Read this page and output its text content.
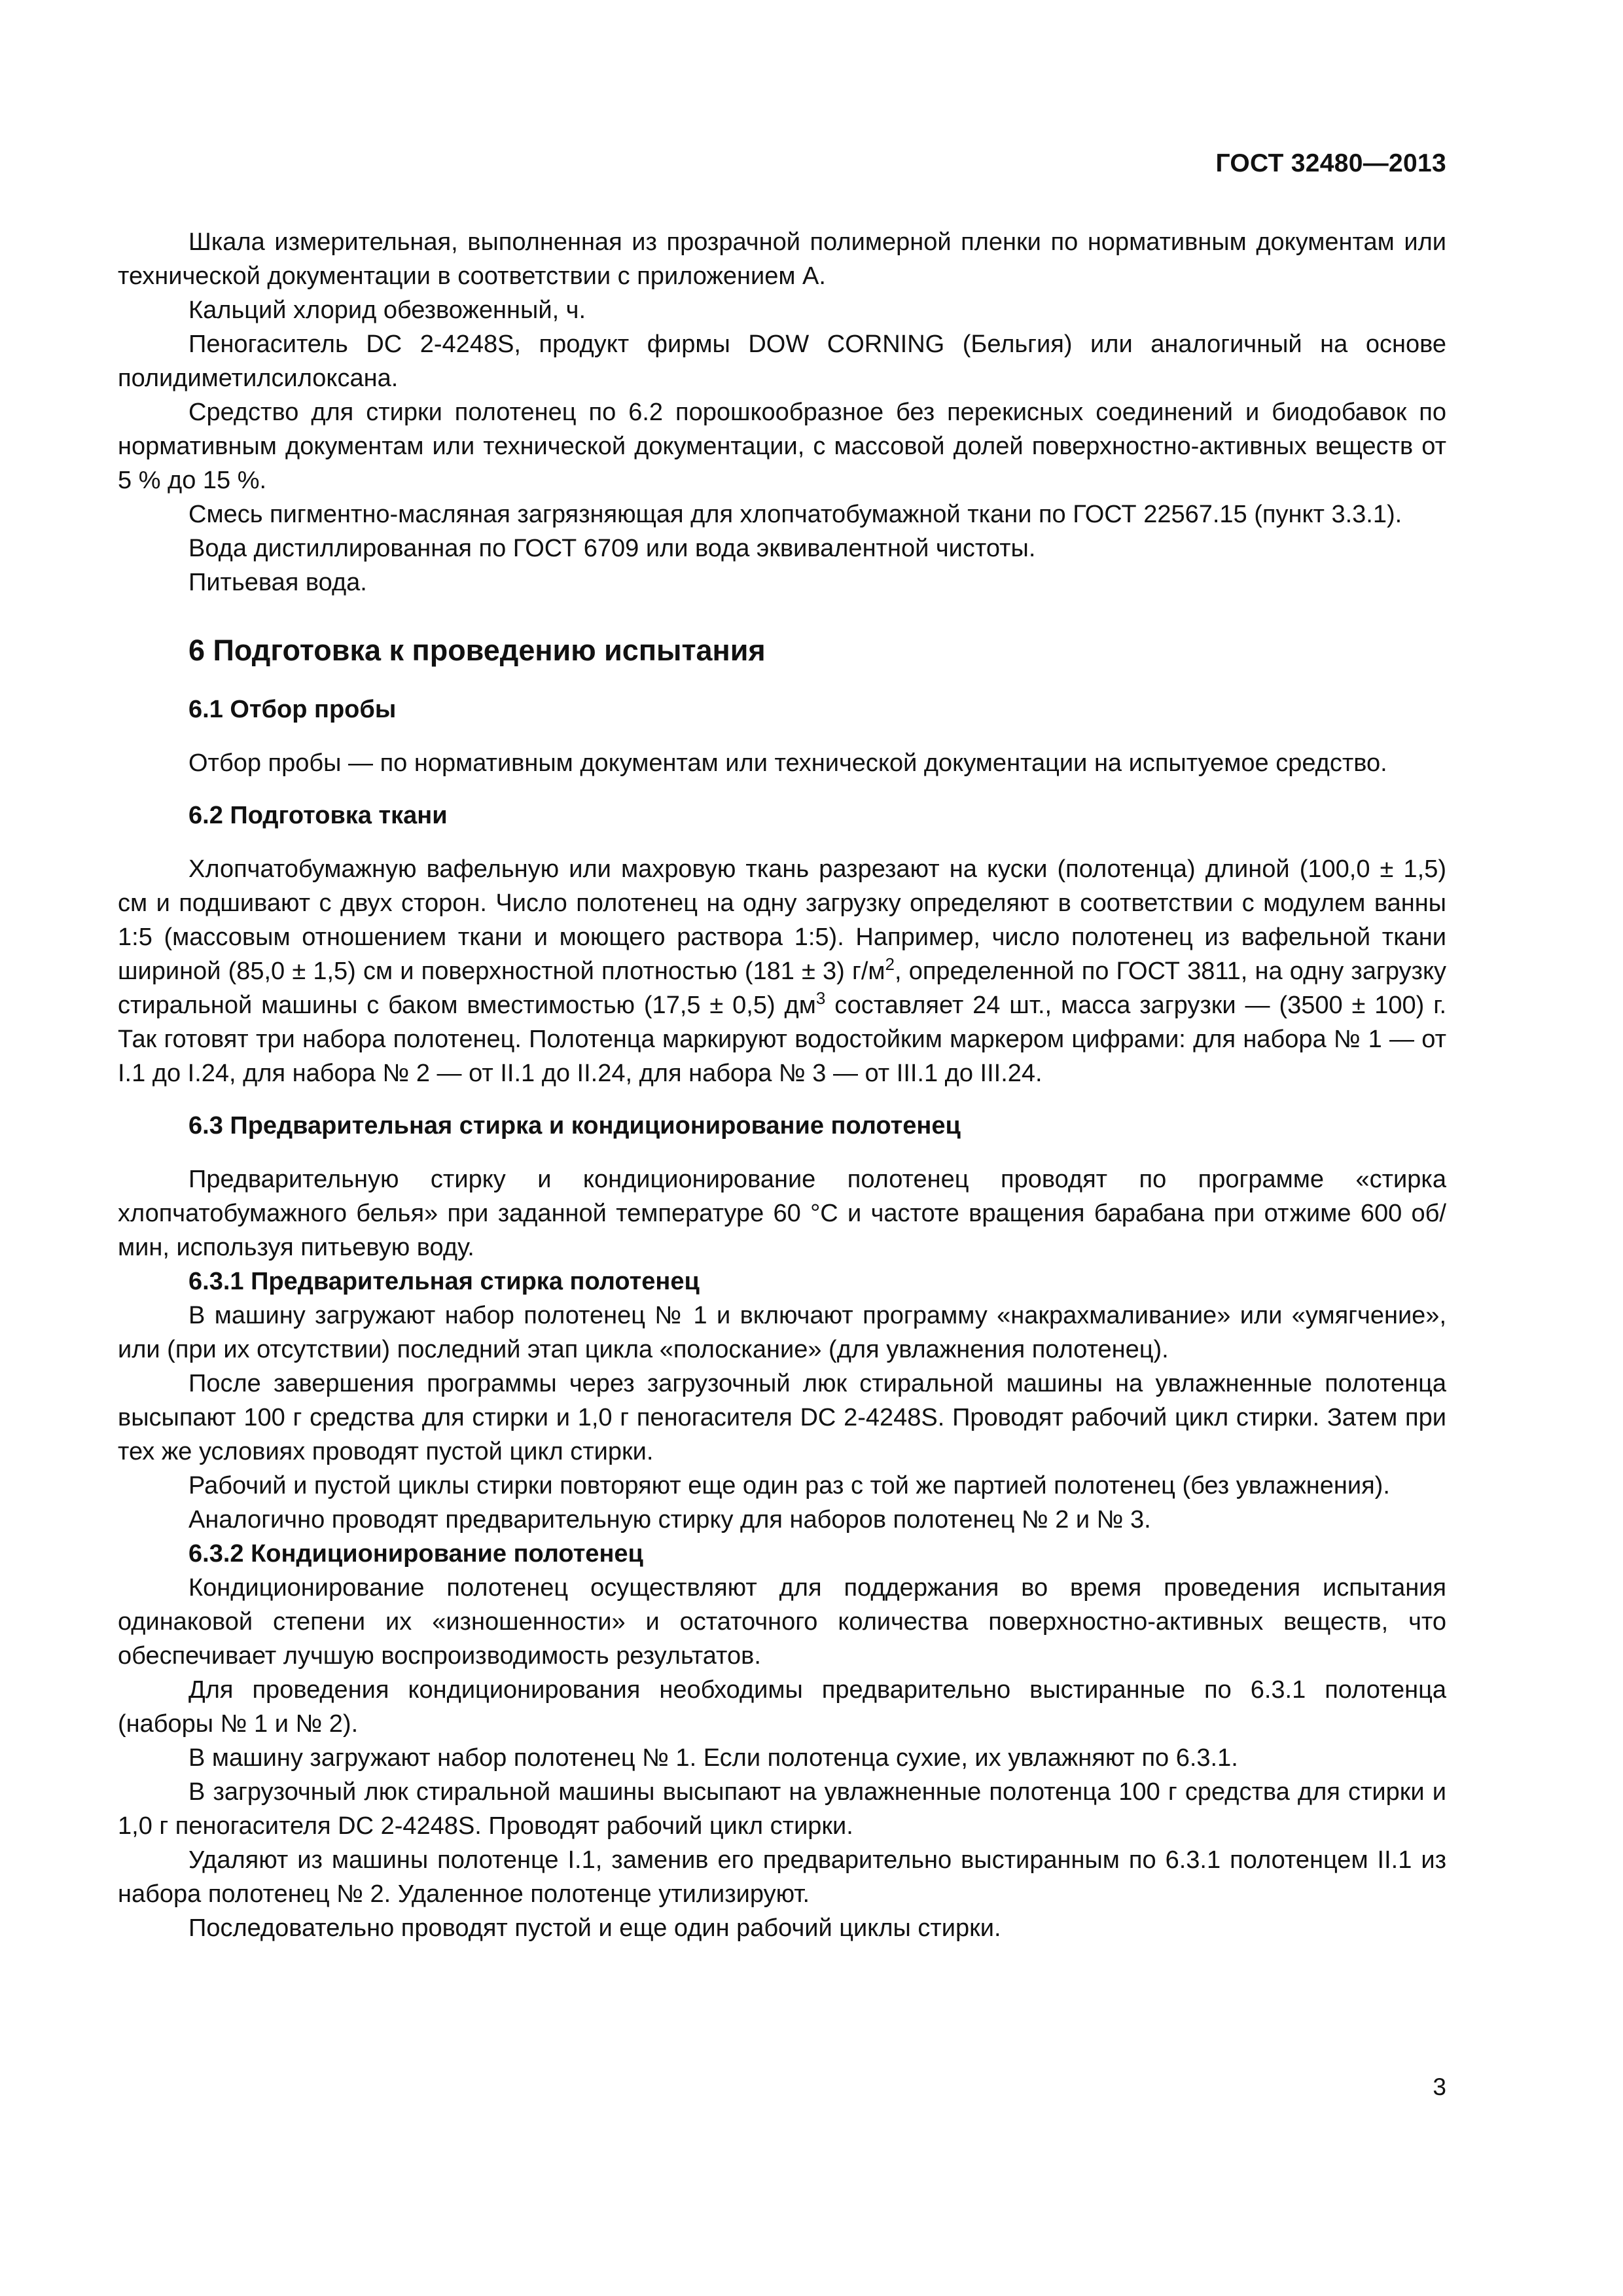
ГОСТ 32480—2013

Шкала измерительная, выполненная из прозрачной полимерной пленки по нормативным документам или технической документации в соответствии с приложением А.

Кальций хлорид обезвоженный, ч.

Пеногаситель DC 2-4248S, продукт фирмы DOW CORNING (Бельгия) или аналогичный на основе полидиметилсилоксана.

Средство для стирки полотенец по 6.2 порошкообразное без перекисных соединений и биодобавок по нормативным документам или технической документации, с массовой долей поверхностно-активных веществ от 5 % до 15 %.

Смесь пигментно-масляная загрязняющая для хлопчатобумажной ткани по ГОСТ 22567.15 (пункт 3.3.1).

Вода дистиллированная по ГОСТ 6709 или вода эквивалентной чистоты.

Питьевая вода.

6 Подготовка к проведению испытания
6.1 Отбор пробы

Отбор пробы — по нормативным документам или технической документации на испытуемое средство.

6.2 Подготовка ткани

Хлопчатобумажную вафельную или махровую ткань разрезают на куски (полотенца) длиной (100,0 ± 1,5) см и подшивают с двух сторон. Число полотенец на одну загрузку определяют в соответствии с модулем ванны 1:5 (массовым отношением ткани и моющего раствора 1:5). Например, число полотенец из вафельной ткани шириной (85,0 ± 1,5) см и поверхностной плотностью (181 ± 3) $г/м^2$, определенной по ГОСТ 3811, на одну загрузку стиральной машины с баком вместимостью (17,5 ± 0,5) $дм^3$ составляет 24 шт., масса загрузки — (3500 ± 100) г. Так готовят три набора полотенец. Полотенца маркируют водостойким маркером цифрами: для набора № 1 — от I.1 до I.24, для набора № 2 — от II.1 до II.24, для набора № 3 — от III.1 до III.24.

6.3 Предварительная стирка и кондиционирование полотенец

Предварительную стирку и кондиционирование полотенец проводят по программе «стирка хлопчатобумажного белья» при заданной температуре 60 °С и частоте вращения барабана при отжиме 600 об/мин, используя питьевую воду.

6.3.1 Предварительная стирка полотенец

В машину загружают набор полотенец № 1 и включают программу «накрахмаливание» или «умягчение», или (при их отсутствии) последний этап цикла «полоскание» (для увлажнения полотенец).

После завершения программы через загрузочный люк стиральной машины на увлажненные полотенца высыпают 100 г средства для стирки и 1,0 г пеногасителя DC 2-4248S. Проводят рабочий цикл стирки. Затем при тех же условиях проводят пустой цикл стирки.

Рабочий и пустой циклы стирки повторяют еще один раз с той же партией полотенец (без увлажнения).

Аналогично проводят предварительную стирку для наборов полотенец № 2 и № 3.

6.3.2 Кондиционирование полотенец

Кондиционирование полотенец осуществляют для поддержания во время проведения испытания одинаковой степени их «изношенности» и остаточного количества поверхностно-активных веществ, что обеспечивает лучшую воспроизводимость результатов.

Для проведения кондиционирования необходимы предварительно выстиранные по 6.3.1 полотенца (наборы № 1 и № 2).

В машину загружают набор полотенец № 1. Если полотенца сухие, их увлажняют по 6.3.1.

В загрузочный люк стиральной машины высыпают на увлажненные полотенца 100 г средства для стирки и 1,0 г пеногасителя DC 2-4248S. Проводят рабочий цикл стирки.

Удаляют из машины полотенце I.1, заменив его предварительно выстиранным по 6.3.1 полотенцем II.1 из набора полотенец № 2. Удаленное полотенце утилизируют.

Последовательно проводят пустой и еще один рабочий циклы стирки.

3
